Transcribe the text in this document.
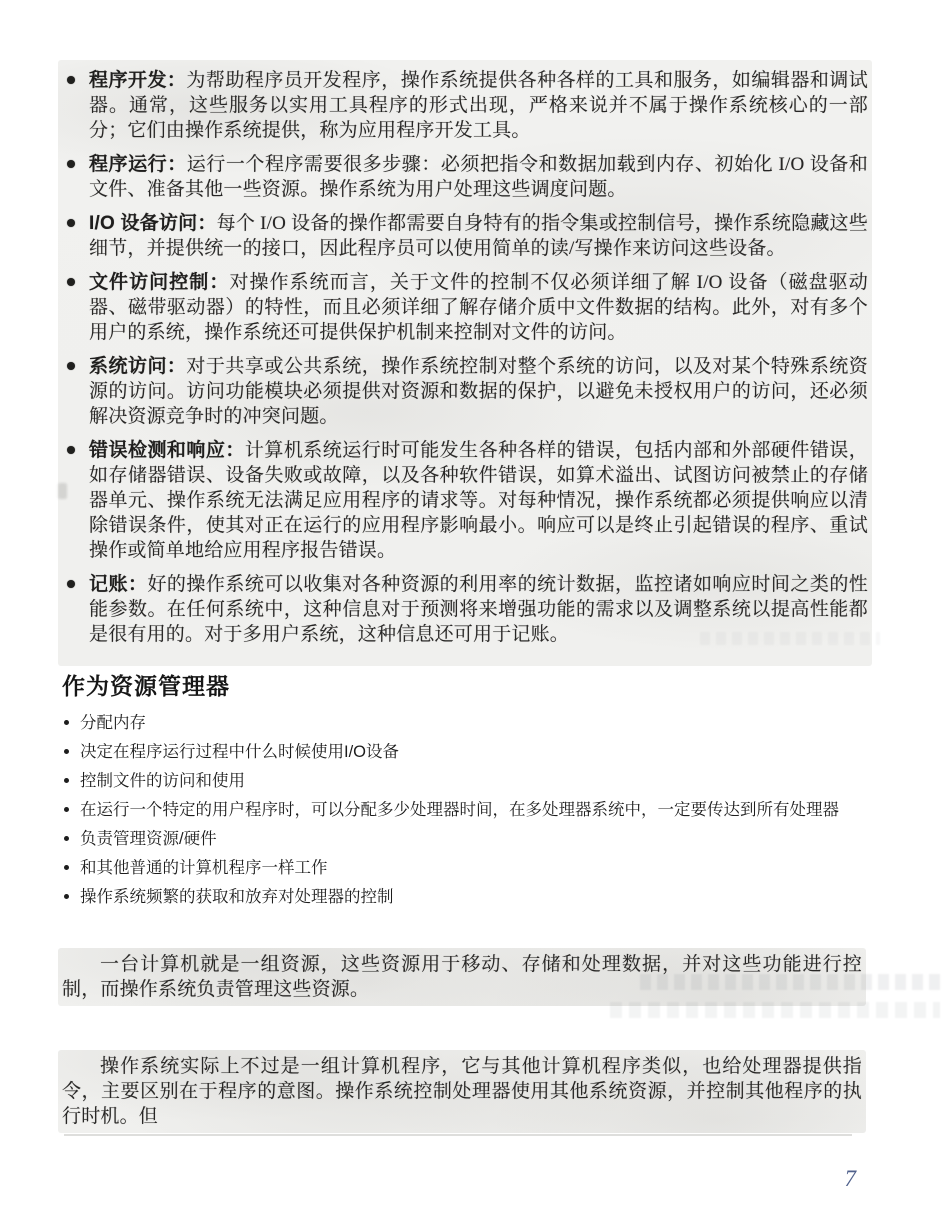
程序开发：为帮助程序员开发程序，操作系统提供各种各样的工具和服务，如编辑器和调试器。通常，这些服务以实用工具程序的形式出现，严格来说并不属于操作系统核心的一部分；它们由操作系统提供，称为应用程序开发工具。
程序运行：运行一个程序需要很多步骤：必须把指令和数据加载到内存、初始化 I/O 设备和文件、准备其他一些资源。操作系统为用户处理这些调度问题。
I/O 设备访问：每个 I/O 设备的操作都需要自身特有的指令集或控制信号，操作系统隐藏这些细节，并提供统一的接口，因此程序员可以使用简单的读/写操作来访问这些设备。
文件访问控制：对操作系统而言，关于文件的控制不仅必须详细了解 I/O 设备（磁盘驱动器、磁带驱动器）的特性，而且必须详细了解存储介质中文件数据的结构。此外，对有多个用户的系统，操作系统还可提供保护机制来控制对文件的访问。
系统访问：对于共享或公共系统，操作系统控制对整个系统的访问，以及对某个特殊系统资源的访问。访问功能模块必须提供对资源和数据的保护，以避免未授权用户的访问，还必须解决资源竞争时的冲突问题。
错误检测和响应：计算机系统运行时可能发生各种各样的错误，包括内部和外部硬件错误，如存储器错误、设备失败或故障，以及各种软件错误，如算术溢出、试图访问被禁止的存储器单元、操作系统无法满足应用程序的请求等。对每种情况，操作系统都必须提供响应以清除错误条件，使其对正在运行的应用程序影响最小。响应可以是终止引起错误的程序、重试操作或简单地给应用程序报告错误。
记账：好的操作系统可以收集对各种资源的利用率的统计数据，监控诸如响应时间之类的性能参数。在任何系统中，这种信息对于预测将来增强功能的需求以及调整系统以提高性能都是很有用的。对于多用户系统，这种信息还可用于记账。
作为资源管理器
分配内存
决定在程序运行过程中什么时候使用I/O设备
控制文件的访问和使用
在运行一个特定的用户程序时，可以分配多少处理器时间，在多处理器系统中，一定要传达到所有处理器
负责管理资源/硬件
和其他普通的计算机程序一样工作
操作系统频繁的获取和放弃对处理器的控制

一台计算机就是一组资源，这些资源用于移动、存储和处理数据，并对这些功能进行控制，而操作系统负责管理这些资源。

操作系统实际上不过是一组计算机程序，它与其他计算机程序类似，也给处理器提供指令，主要区别在于程序的意图。操作系统控制处理器使用其他系统资源，并控制其他程序的执行时机。但

7
